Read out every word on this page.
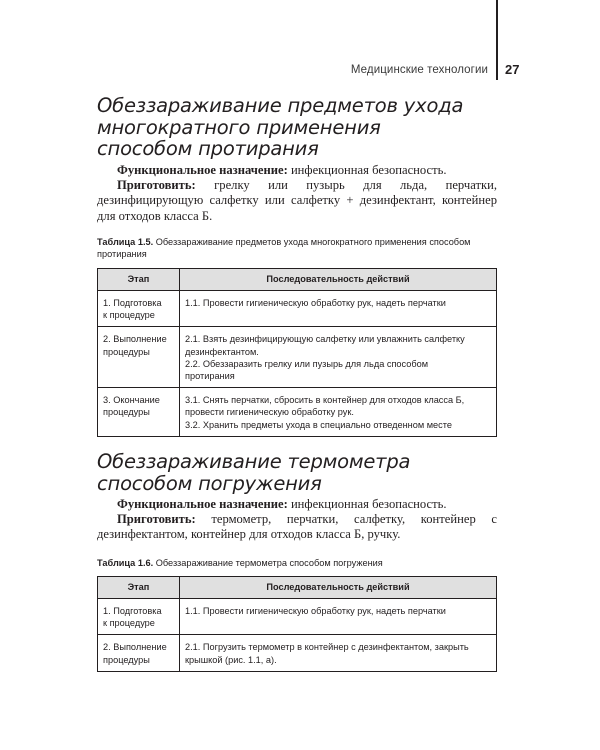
Медицинские технологии 27
Обеззараживание предметов ухода
многократного применения
способом протирания

Функциональное назначение: инфекционная безопасность.

Приготовить: грелку или пузырь для льда, перчатки, дезинфицирующую салфетку или салфетку + дезинфектант, контейнер для отходов класса Б.

Таблица 1.5. Обеззараживание предметов ухода многократного применения способом протирания

Этап	Последовательность действий

1. Подготовка
к процедуре	1.1. Провести гигиеническую обработку рук, надеть перчатки

2. Выполнение
процедуры	2.1. Взять дезинфицирующую салфетку или увлажнить салфетку
дезинфектантом.
2.2. Обеззаразить грелку или пузырь для льда способом
протирания

3. Окончание
процедуры	3.1. Снять перчатки, сбросить в контейнер для отходов класса Б,
провести гигиеническую обработку рук.
3.2. Хранить предметы ухода в специально отведенном месте
Обеззараживание термометра
способом погружения

Функциональное назначение: инфекционная безопасность.

Приготовить: термометр, перчатки, салфетку, контейнер с дезинфектантом, контейнер для отходов класса Б, ручку.

Таблица 1.6. Обеззараживание термометра способом погружения

Этап	Последовательность действий

1. Подготовка
к процедуре	1.1. Провести гигиеническую обработку рук, надеть перчатки

2. Выполнение
процедуры	2.1. Погрузить термометр в контейнер с дезинфектантом, закрыть
крышкой (рис. 1.1, а).
